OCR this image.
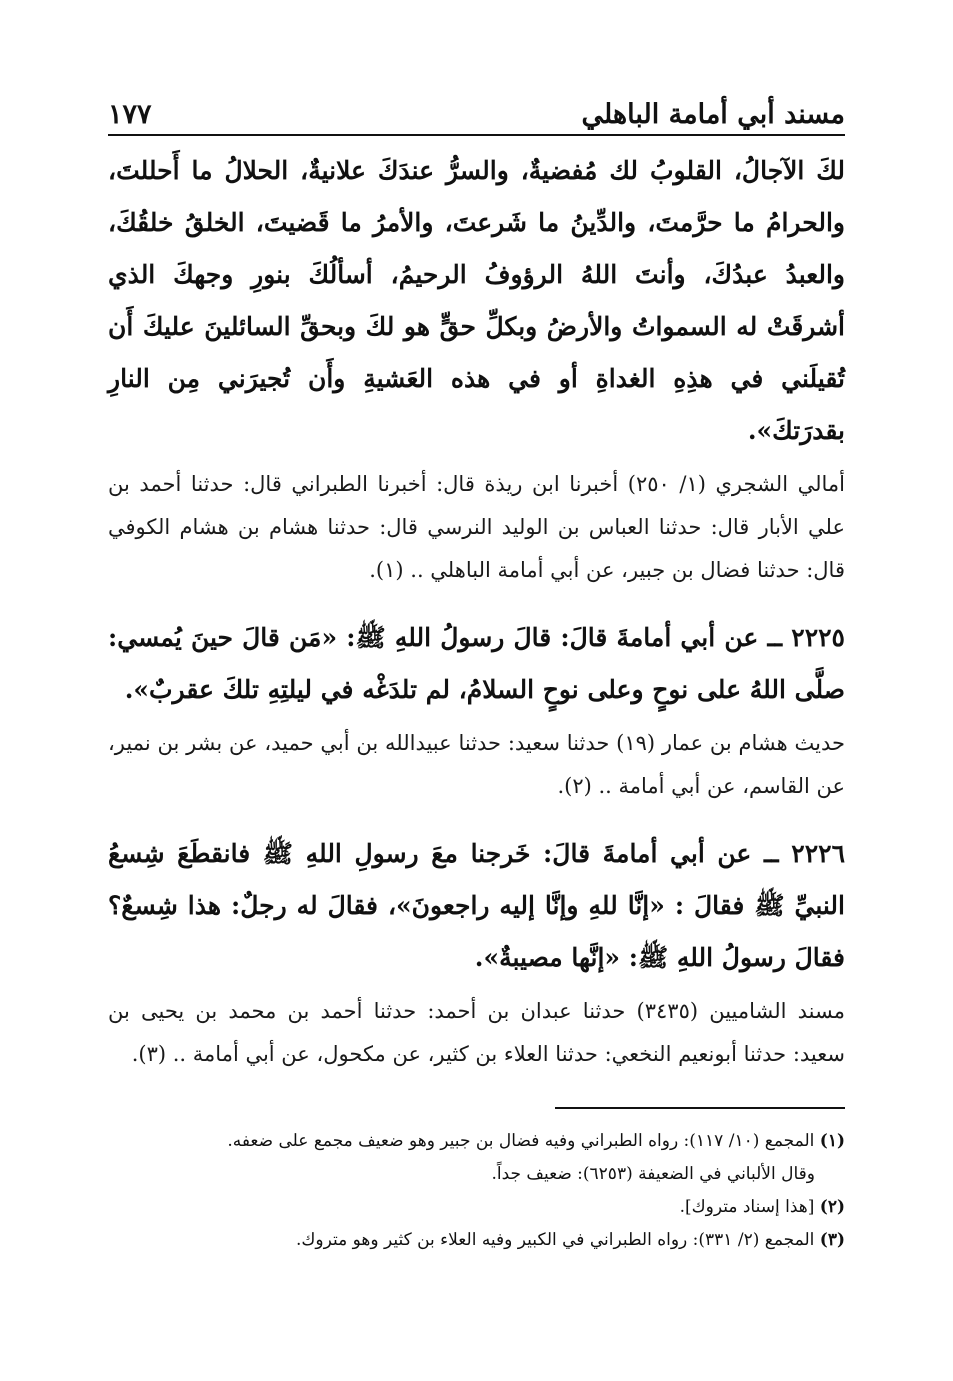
مسند أبي أمامة الباهلي
١٧٧

لكَ الآجالُ، القلوبُ لك مُفضيةٌ، والسرُّ عندَكَ علانيةٌ، الحلالُ ما أَحللتَ، والحرامُ ما حرَّمتَ، والدِّينُ ما شَرعتَ، والأمرُ ما قَضيتَ، الخلقُ خلقُكَ، والعبدُ عبدُكَ، وأنتَ اللهُ الرؤوفُ الرحيمُ، أسألُكَ بنورِ وجهكَ الذي أشرقَتْ له السمواتُ والأرضُ وبكلِّ حقٍّ هو لكَ وبحقِّ السائلينَ عليكَ أَن تُقيلَني في هذِهِ الغداةِ أو في هذه العَشيةِ وأَن تُجيرَني مِن النارِ بقدرَتكَ».

أمالي الشجري (١/ ٢٥٠) أخبرنا ابن ريذة قال: أخبرنا الطبراني قال: حدثنا أحمد بن علي الأبار قال: حدثنا العباس بن الوليد النرسي قال: حدثنا هشام بن هشام الكوفي قال: حدثنا فضال بن جبير، عن أبي أمامة الباهلي .. (١).

٢٢٢٥ ــ عن أبي أمامةَ قالَ: قالَ رسولُ اللهِ ﷺ: «مَن قالَ حينَ يُمسي: صلَّى اللهُ على نوحٍ وعلى نوحٍ السلامُ، لم تلدَغْه في ليلتِهِ تلكَ عقربٌ».

حديث هشام بن عمار (١٩) حدثنا سعيد: حدثنا عبيدالله بن أبي حميد، عن بشر بن نمير، عن القاسم، عن أبي أمامة .. (٢).

٢٢٢٦ ــ عن أبي أمامةَ قالَ: خَرجنا معَ رسولِ اللهِ ﷺ فانقطَعَ شِسعُ النبيِّ ﷺ فقالَ : «إنَّا للهِ وإنَّا إليه راجعونَ»، فقالَ له رجلٌ: هذا شِسعٌ؟ فقالَ رسولُ اللهِ ﷺ: «إنَّها مصيبةٌ».

مسند الشاميين (٣٤٣٥) حدثنا عبدان بن أحمد: حدثنا أحمد بن محمد بن يحيى بن سعيد: حدثنا أبونعيم النخعي: حدثنا العلاء بن كثير، عن مكحول، عن أبي أمامة .. (٣).

(١) المجمع (١٠/ ١١٧): رواه الطبراني وفيه فضال بن جبير وهو ضعيف مجمع على ضعفه.

وقال الألباني في الضعيفة (٦٢٥٣): ضعيف جداً.

(٢) [هذا إسناد متروك].

(٣) المجمع (٢/ ٣٣١): رواه الطبراني في الكبير وفيه العلاء بن كثير وهو متروك.
